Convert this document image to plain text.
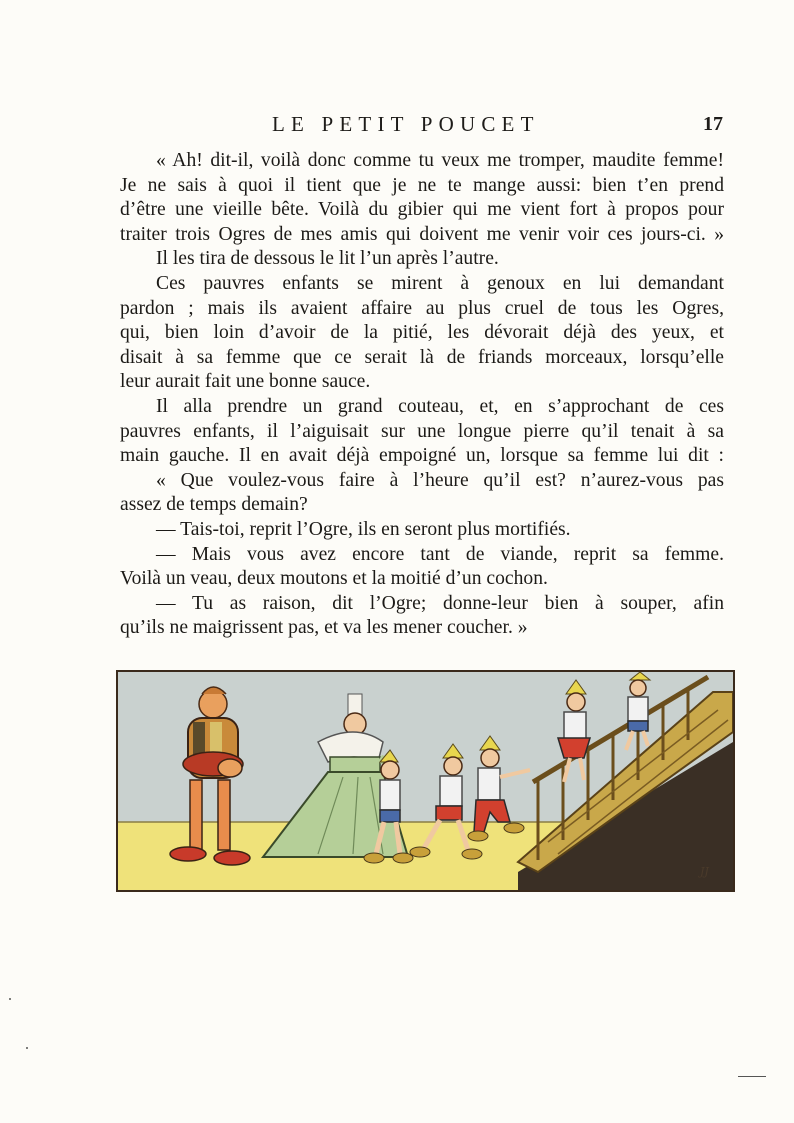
LE PETIT POUCET	17
« Ah! dit-il, voilà donc comme tu veux me tromper, maudite femme!
Je ne sais à quoi il tient que je ne te mange aussi: bien t’en prend
d’être une vieille bête. Voilà du gibier qui me vient fort à propos pour
traiter trois Ogres de mes amis qui doivent me venir voir ces jours-ci. »
Il les tira de dessous le lit l’un après l’autre.
Ces pauvres enfants se mirent à genoux en lui demandant
pardon ; mais ils avaient affaire au plus cruel de tous les Ogres,
qui, bien loin d’avoir de la pitié, les dévorait déjà des yeux, et
disait à sa femme que ce serait là de friands morceaux, lorsqu’elle
leur aurait fait une bonne sauce.
Il alla prendre un grand couteau, et, en s’approchant de ces
pauvres enfants, il l’aiguisait sur une longue pierre qu’il tenait à sa
main gauche. Il en avait déjà empoigné un, lorsque sa femme lui dit :
« Que voulez-vous faire à l’heure qu’il est? n’aurez-vous pas
assez de temps demain?
— Tais-toi, reprit l’Ogre, ils en seront plus mortifiés.
— Mais vous avez encore tant de viande, reprit sa femme.
Voilà un veau, deux moutons et la moitié d’un cochon.
— Tu as raison, dit l’Ogre; donne-leur bien à souper, afin
qu’ils ne maigrissent pas, et va les mener coucher. »
JJ
